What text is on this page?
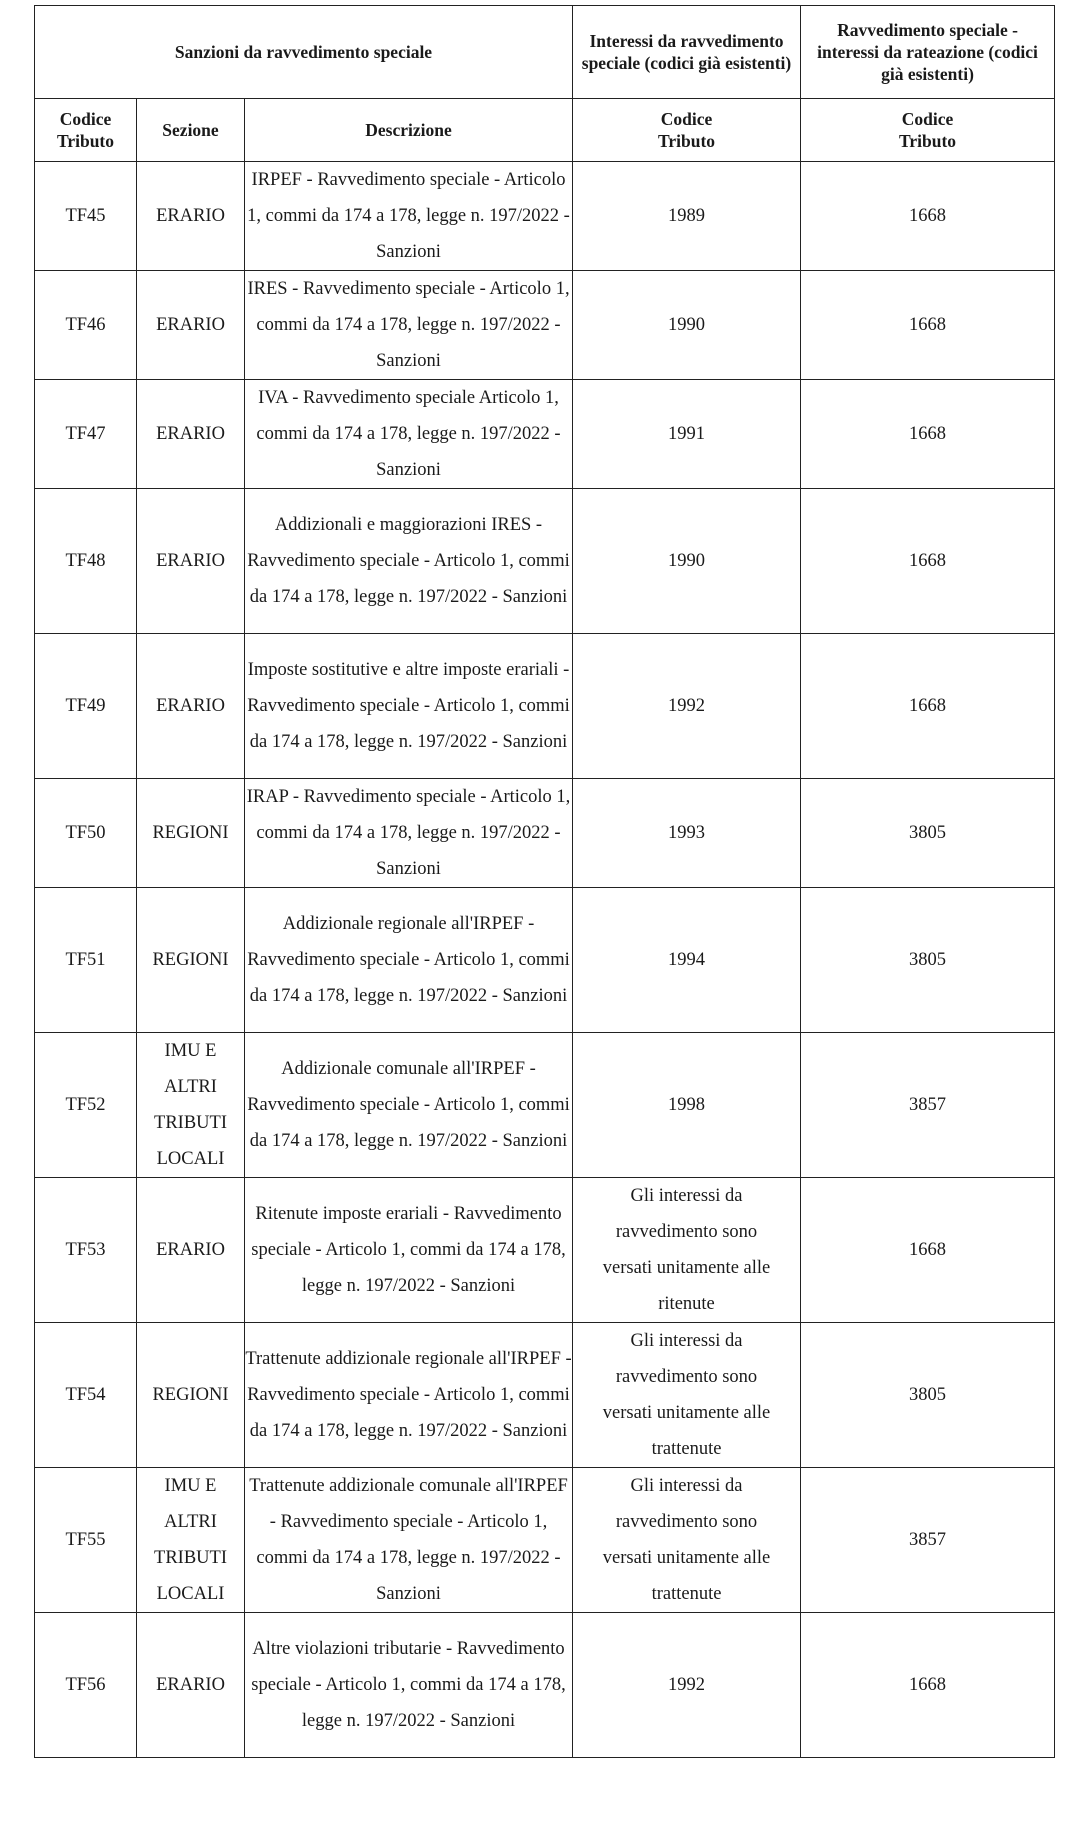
Sanzioni da ravvedimento speciale			Interessi da ravvedimento speciale (codici già esistenti)	Ravvedimento speciale - interessi da rateazione (codici già esistenti)
Codice Tributo	Sezione	Descrizione	Codice Tributo	Codice Tributo
TF45	ERARIO	IRPEF - Ravvedimento speciale - Articolo 1, commi da 174 a 178, legge n. 197/2022 - Sanzioni	1989	1668
TF46	ERARIO	IRES - Ravvedimento speciale - Articolo 1, commi da 174 a 178, legge n. 197/2022 - Sanzioni	1990	1668
TF47	ERARIO	IVA - Ravvedimento speciale Articolo 1, commi da 174 a 178, legge n. 197/2022 - Sanzioni	1991	1668
TF48	ERARIO	Addizionali e maggiorazioni IRES - Ravvedimento speciale - Articolo 1, commi da 174 a 178, legge n. 197/2022 - Sanzioni	1990	1668
TF49	ERARIO	Imposte sostitutive e altre imposte erariali - Ravvedimento speciale - Articolo 1, commi da 174 a 178, legge n. 197/2022 - Sanzioni	1992	1668
TF50	REGIONI	IRAP - Ravvedimento speciale - Articolo 1, commi da 174 a 178, legge n. 197/2022 - Sanzioni	1993	3805
TF51	REGIONI	Addizionale regionale all'IRPEF - Ravvedimento speciale - Articolo 1, commi da 174 a 178, legge n. 197/2022 - Sanzioni	1994	3805
TF52	IMU E ALTRI TRIBUTI LOCALI	Addizionale comunale all'IRPEF - Ravvedimento speciale - Articolo 1, commi da 174 a 178, legge n. 197/2022 - Sanzioni	1998	3857
TF53	ERARIO	Ritenute imposte erariali - Ravvedimento speciale - Articolo 1, commi da 174 a 178, legge n. 197/2022 - Sanzioni	Gli interessi da ravvedimento sono versati unitamente alle ritenute	1668
TF54	REGIONI	Trattenute addizionale regionale all'IRPEF - Ravvedimento speciale - Articolo 1, commi da 174 a 178, legge n. 197/2022 - Sanzioni	Gli interessi da ravvedimento sono versati unitamente alle trattenute	3805
TF55	IMU E ALTRI TRIBUTI LOCALI	Trattenute addizionale comunale all'IRPEF - Ravvedimento speciale - Articolo 1, commi da 174 a 178, legge n. 197/2022 - Sanzioni	Gli interessi da ravvedimento sono versati unitamente alle trattenute	3857
TF56	ERARIO	Altre violazioni tributarie - Ravvedimento speciale - Articolo 1, commi da 174 a 178, legge n. 197/2022 - Sanzioni	1992	1668
